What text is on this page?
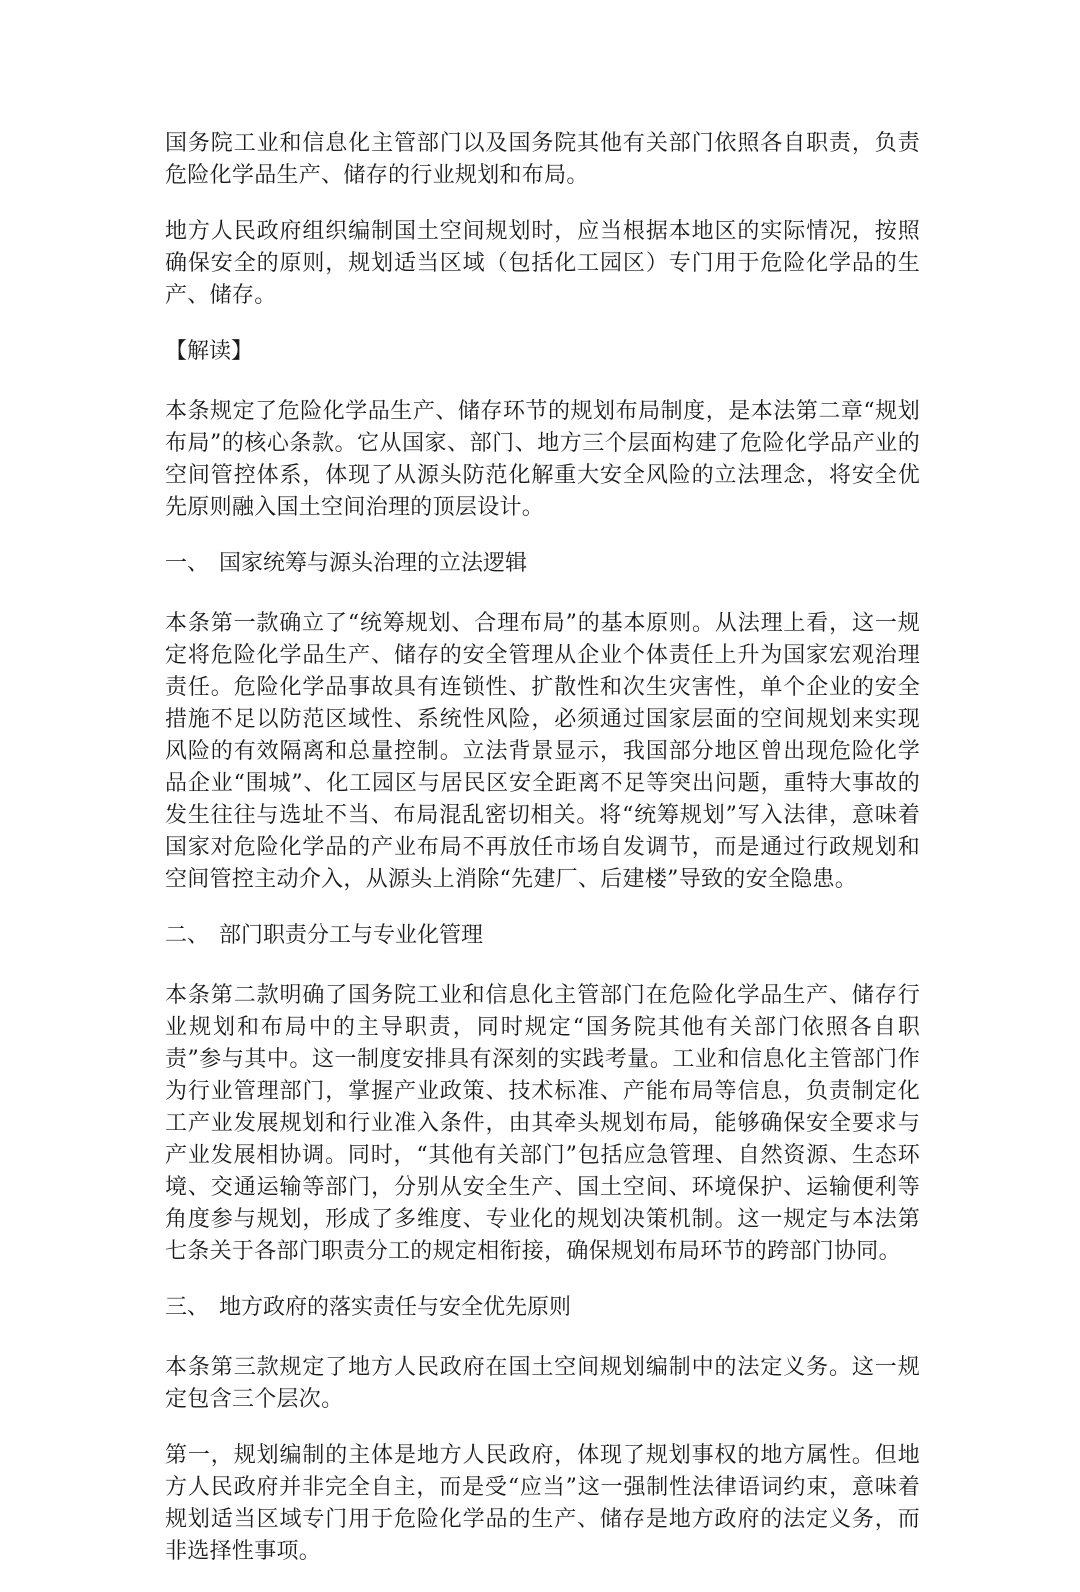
国务院工业和信息化主管部门以及国务院其他有关部门依照各自职责，负责危险化学品生产、储存的行业规划和布局。

地方人民政府组织编制国土空间规划时，应当根据本地区的实际情况，按照确保安全的原则，规划适当区域（包括化工园区）专门用于危险化学品的生产、储存。

【解读】

本条规定了危险化学品生产、储存环节的规划布局制度，是本法第二章“规划布局”的核心条款。它从国家、部门、地方三个层面构建了危险化学品产业的空间管控体系，体现了从源头防范化解重大安全风险的立法理念，将安全优先原则融入国土空间治理的顶层设计。

一、 国家统筹与源头治理的立法逻辑

本条第一款确立了“统筹规划、合理布局”的基本原则。从法理上看，这一规定将危险化学品生产、储存的安全管理从企业个体责任上升为国家宏观治理责任。危险化学品事故具有连锁性、扩散性和次生灾害性，单个企业的安全措施不足以防范区域性、系统性风险，必须通过国家层面的空间规划来实现风险的有效隔离和总量控制。立法背景显示，我国部分地区曾出现危险化学品企业“围城”、化工园区与居民区安全距离不足等突出问题，重特大事故的发生往往与选址不当、布局混乱密切相关。将“统筹规划”写入法律，意味着国家对危险化学品的产业布局不再放任市场自发调节，而是通过行政规划和空间管控主动介入，从源头上消除“先建厂、后建楼”导致的安全隐患。

二、 部门职责分工与专业化管理

本条第二款明确了国务院工业和信息化主管部门在危险化学品生产、储存行业规划和布局中的主导职责，同时规定“国务院其他有关部门依照各自职责”参与其中。这一制度安排具有深刻的实践考量。工业和信息化主管部门作为行业管理部门，掌握产业政策、技术标准、产能布局等信息，负责制定化工产业发展规划和行业准入条件，由其牵头规划布局，能够确保安全要求与产业发展相协调。同时，“其他有关部门”包括应急管理、自然资源、生态环境、交通运输等部门，分别从安全生产、国土空间、环境保护、运输便利等角度参与规划，形成了多维度、专业化的规划决策机制。这一规定与本法第七条关于各部门职责分工的规定相衔接，确保规划布局环节的跨部门协同。

三、 地方政府的落实责任与安全优先原则

本条第三款规定了地方人民政府在国土空间规划编制中的法定义务。这一规定包含三个层次。

第一，规划编制的主体是地方人民政府，体现了规划事权的地方属性。但地方人民政府并非完全自主，而是受“应当”这一强制性法律语词约束，意味着规划适当区域专门用于危险化学品的生产、储存是地方政府的法定义务，而非选择性事项。
